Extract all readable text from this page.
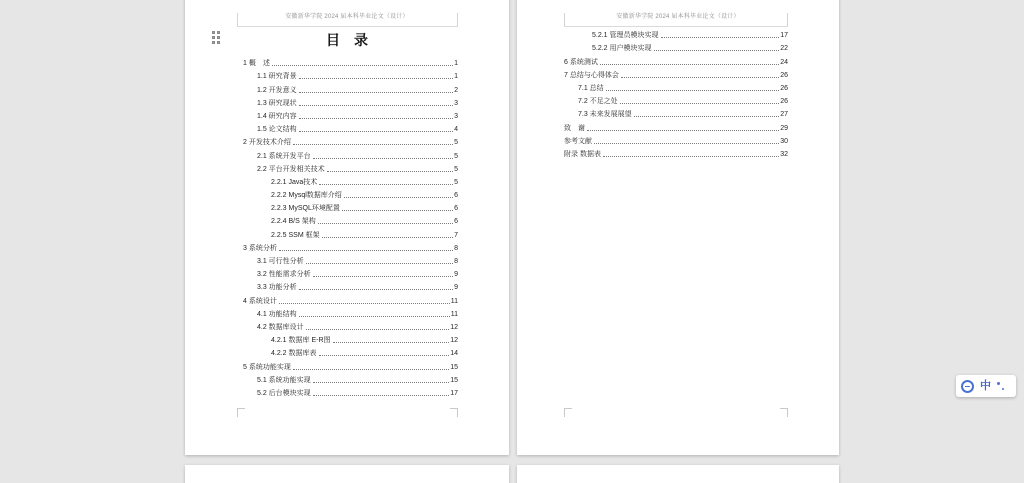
安徽新华学院 2024 届本科毕业论文（设计）
目　录
1 概　述	1
1.1 研究背景	1
1.2 开发意义	2
1.3 研究现状	3
1.4 研究内容	3
1.5 论文结构	4
2 开发技术介绍	5
2.1 系统开发平台	5
2.2 平台开发相关技术	5
2.2.1 Java技术	5
2.2.2 Mysql数据库介绍	6
2.2.3 MySQL环境配置	6
2.2.4 B/S 架构	6
2.2.5 SSM 框架	7
3 系统分析	8
3.1 可行性分析	8
3.2 性能需求分析	9
3.3 功能分析	9
4 系统设计	11
4.1 功能结构	11
4.2 数据库设计	12
4.2.1 数据库 E-R图	12
4.2.2 数据库表	14
5 系统功能实现	15
5.1 系统功能实现	15
5.2 后台模块实现	17
安徽新华学院 2024 届本科毕业论文（设计）
5.2.1 管理员模块实现	17
5.2.2 用户模块实现	22
6 系统测试	24
7 总结与心得体会	26
7.1 总结	26
7.2 不足之处	26
7.3 未来发展展望	27
致　谢	29
参考文献	30
附录 数据表	32
中
